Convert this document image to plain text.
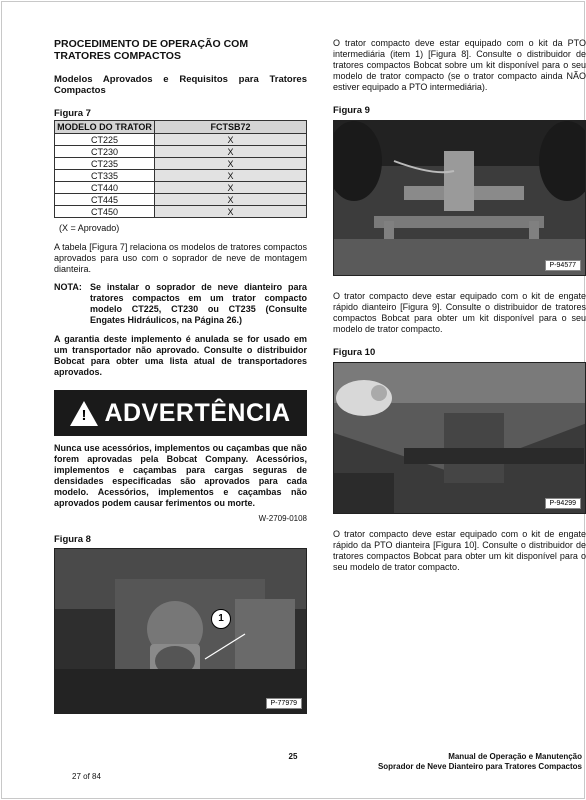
PROCEDIMENTO DE OPERAÇÃO COM TRATORES COMPACTOS
Modelos Aprovados e Requisitos para Tratores Compactos
Figura 7
MODELO DO TRATOR	FCTSB72
CT225	X
CT230	X
CT235	X
CT335	X
CT440	X
CT445	X
CT450	X
(X = Aprovado)
A tabela [Figura 7] relaciona os modelos de tratores compactos aprovados para uso com o soprador de neve de montagem dianteira.
NOTA: Se instalar o soprador de neve dianteiro para tratores compactos em um trator compacto modelo CT225, CT230 ou CT235 (Consulte Engates Hidráulicos, na Página 26.)
A garantia deste implemento é anulada se for usado em um transportador não aprovado. Consulte o distribuidor Bobcat para obter uma lista atual de transportadores aprovados.
! ADVERTÊNCIA
Nunca use acessórios, implementos ou caçambas que não forem aprovadas pela Bobcat Company. Acessórios, implementos e caçambas para cargas seguras de densidades especificadas são aprovados para cada modelo. Acessórios, implementos e caçambas não aprovados podem causar ferimentos ou morte.
W-2709-0108
Figura 8
1
P-77979
O trator compacto deve estar equipado com o kit da PTO intermediária (item 1) [Figura 8]. Consulte o distribuidor de tratores compactos Bobcat sobre um kit disponível para o seu modelo de trator compacto (se o trator compacto ainda NÃO estiver equipado a PTO intermediária).
Figura 9
P-94577
O trator compacto deve estar equipado com o kit de engate rápido dianteiro [Figura 9]. Consulte o distribuidor de tratores compactos Bobcat para obter um kit disponível para o seu modelo de trator compacto.
Figura 10
P-94299
O trator compacto deve estar equipado com o kit de engate rápido da PTO dianteira [Figura 10]. Consulte o distribuidor de tratores compactos Bobcat para obter um kit disponível para o seu modelo de trator compacto.
25	Manual de Operação e Manutenção
Soprador de Neve Dianteiro para Tratores Compactos
27 of 84
